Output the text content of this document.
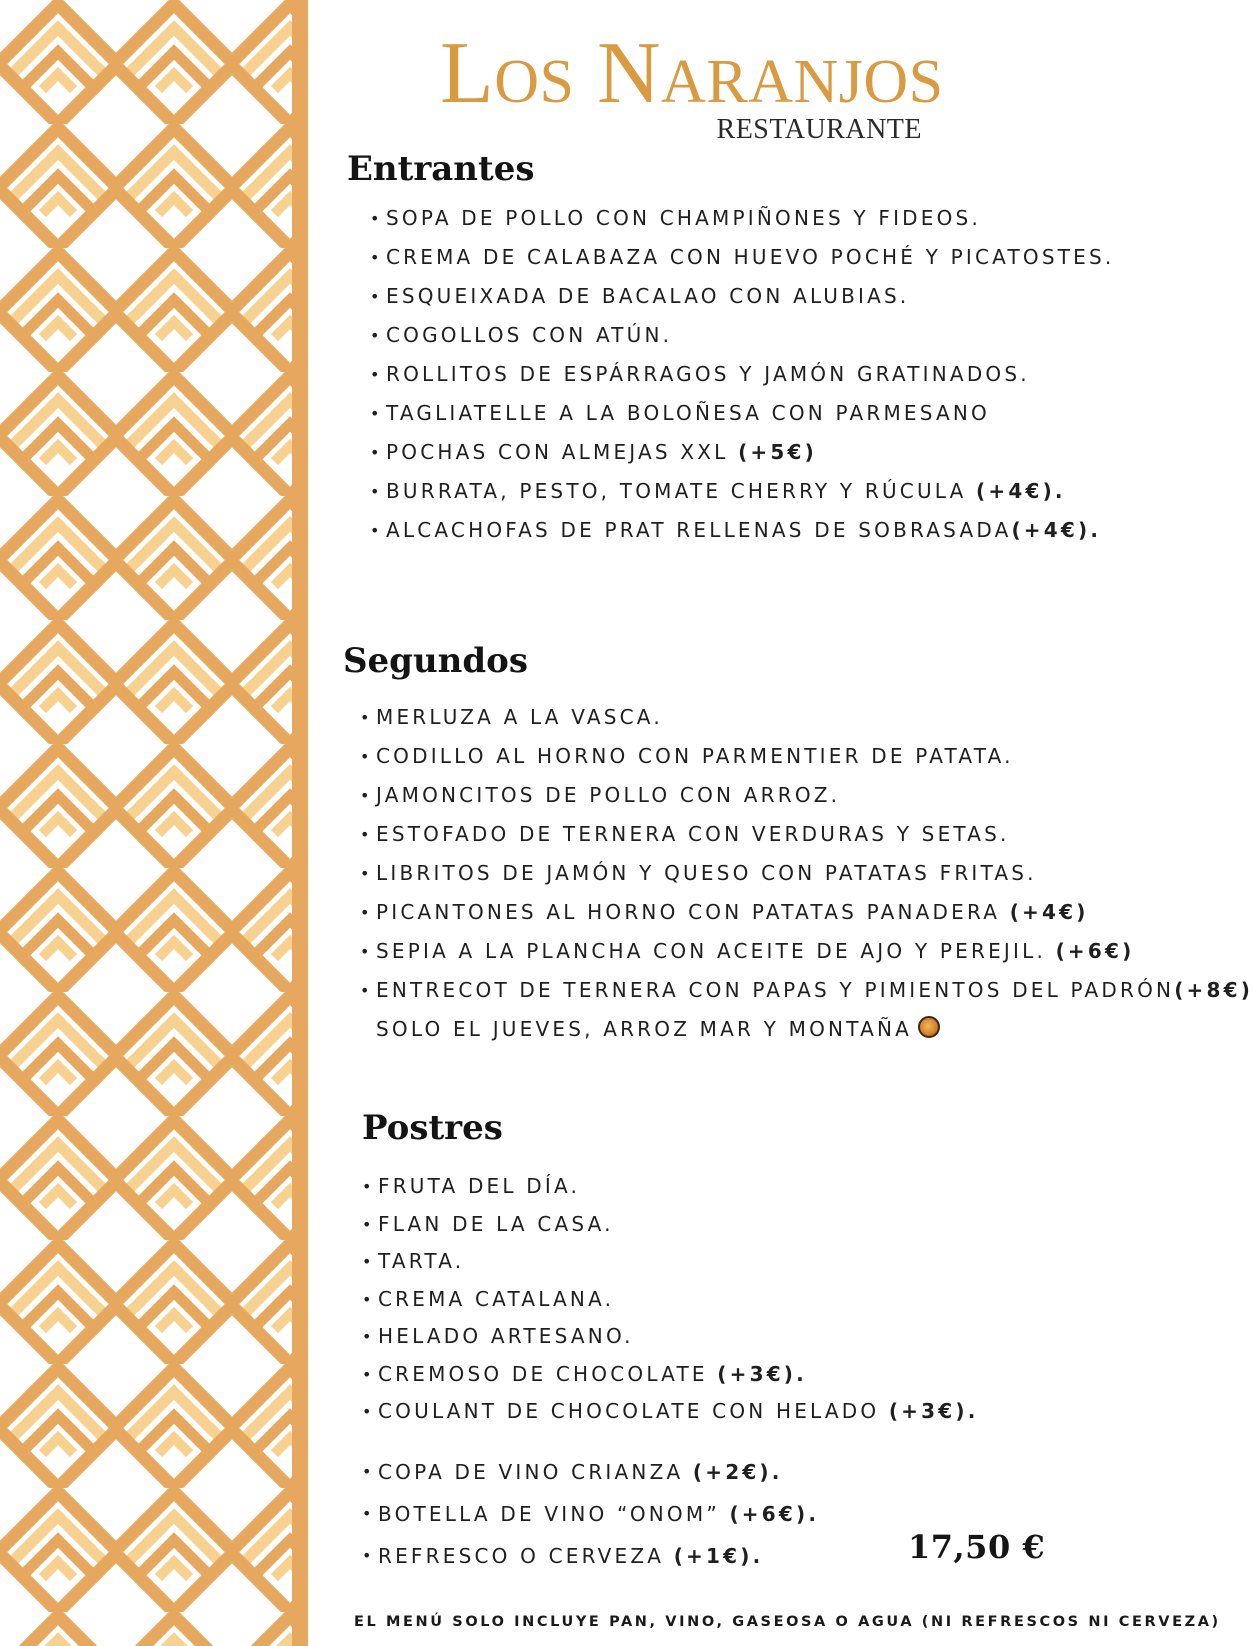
Los Naranjos
RESTAURANTE
Entrantes
• SOPA DE POLLO CON CHAMPIÑONES Y FIDEOS.
• CREMA DE CALABAZA CON HUEVO POCHÉ Y PICATOSTES.
• ESQUEIXADA DE BACALAO CON ALUBIAS.
• COGOLLOS CON ATÚN.
• ROLLITOS DE ESPÁRRAGOS Y JAMÓN GRATINADOS.
• TAGLIATELLE A LA BOLOÑESA CON PARMESANO
• POCHAS CON ALMEJAS XXL (+5€)
• BURRATA, PESTO, TOMATE CHERRY Y RÚCULA (+4€).
• ALCACHOFAS DE PRAT RELLENAS DE SOBRASADA(+4€).
Segundos
• MERLUZA A LA VASCA.
• CODILLO AL HORNO CON PARMENTIER DE PATATA.
• JAMONCITOS DE POLLO CON ARROZ.
• ESTOFADO DE TERNERA CON VERDURAS Y SETAS.
• LIBRITOS DE JAMÓN Y QUESO CON PATATAS FRITAS.
• PICANTONES AL HORNO CON PATATAS PANADERA (+4€)
• SEPIA A LA PLANCHA CON ACEITE DE AJO Y PEREJIL. (+6€)
• ENTRECOT DE TERNERA CON PAPAS Y PIMIENTOS DEL PADRÓN(+8€)
SOLO EL JUEVES, ARROZ MAR Y MONTAÑA
Postres
• FRUTA DEL DÍA.
• FLAN DE LA CASA.
• TARTA.
• CREMA CATALANA.
• HELADO ARTESANO.
• CREMOSO DE CHOCOLATE (+3€).
• COULANT DE CHOCOLATE CON HELADO (+3€).
• COPA DE VINO CRIANZA (+2€).
• BOTELLA DE VINO “ONOM” (+6€).
• REFRESCO O CERVEZA (+1€).	17,50 €
EL MENÚ SOLO INCLUYE PAN, VINO, GASEOSA O AGUA (NI REFRESCOS NI CERVEZA)
